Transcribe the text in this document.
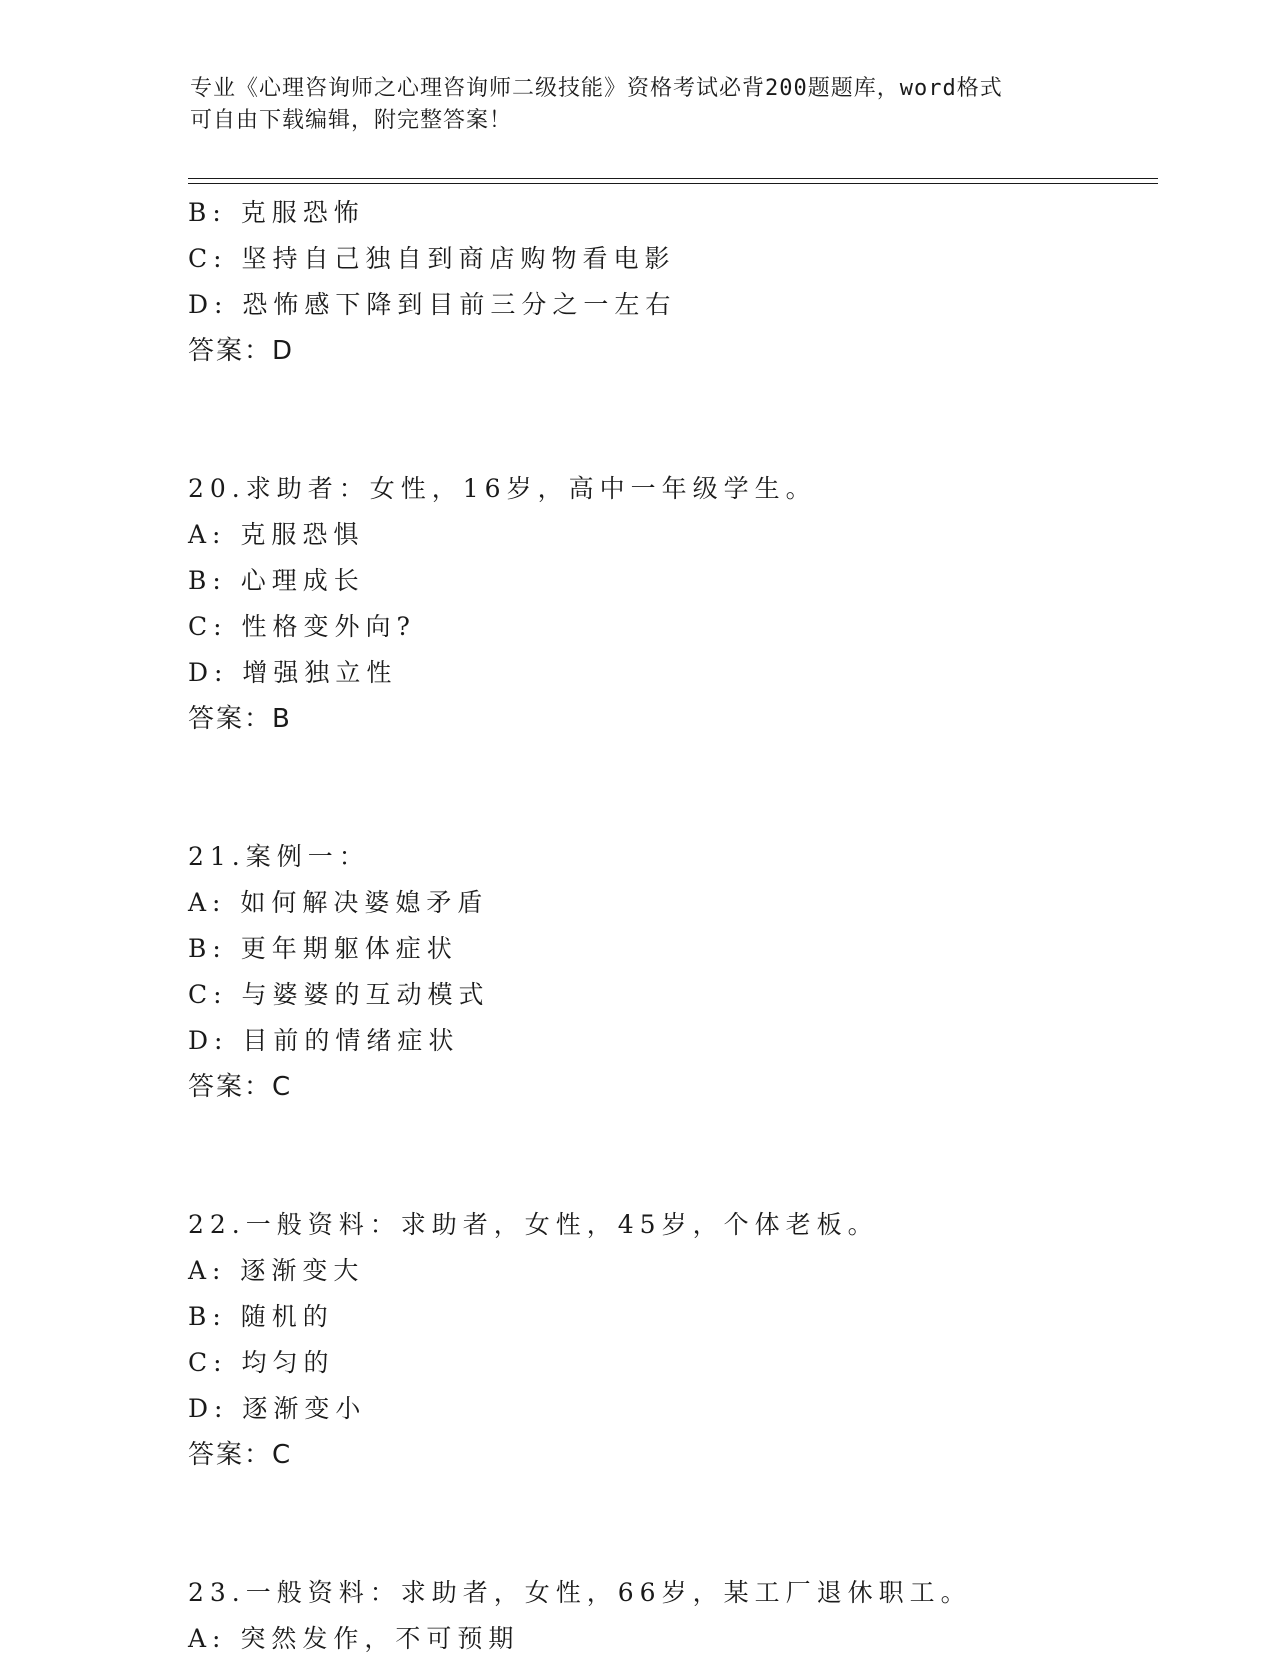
专业《心理咨询师之心理咨询师二级技能》资格考试必背200题题库，word格式
可自由下载编辑，附完整答案！
B: 克服恐怖
C: 坚持自己独自到商店购物看电影
D: 恐怖感下降到目前三分之一左右
答案：D
20.求助者：女性，16岁，高中一年级学生。
A: 克服恐惧
B: 心理成长
C: 性格变外向?
D: 增强独立性
答案：B
21.案例一：
A: 如何解决婆媳矛盾
B: 更年期躯体症状
C: 与婆婆的互动模式
D: 目前的情绪症状
答案：C
22.一般资料：求助者，女性，45岁，个体老板。
A: 逐渐变大
B: 随机的
C: 均匀的
D: 逐渐变小
答案：C
23.一般资料：求助者，女性，66岁，某工厂退休职工。
A: 突然发作，不可预期
